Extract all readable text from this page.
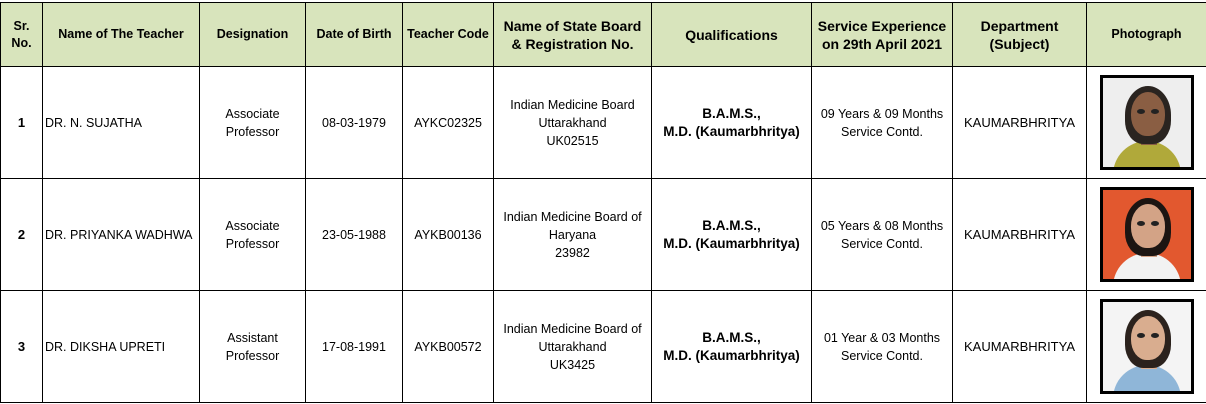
Sr. No.	Name of The Teacher	Designation	Date of Birth	Teacher Code	Name of State Board & Registration No.	Qualifications	Service Experience on 29th April 2021	Department (Subject)	Photograph
1	DR. N. SUJATHA	Associate Professor	08-03-1979	AYKC02325	Indian Medicine Board
Uttarakhand
UK02515	B.A.M.S.,
M.D. (Kaumarbhritya)	09 Years & 09 Months
Service Contd.	KAUMARBHRITYA	

2	DR. PRIYANKA WADHWA	Associate Professor	23-05-1988	AYKB00136	Indian Medicine Board of
Haryana
23982	B.A.M.S.,
M.D. (Kaumarbhritya)	05 Years & 08 Months
Service Contd.	KAUMARBHRITYA	

3	DR. DIKSHA UPRETI	Assistant Professor	17-08-1991	AYKB00572	Indian Medicine Board of
Uttarakhand
UK3425	B.A.M.S.,
M.D. (Kaumarbhritya)	01 Year & 03 Months
Service Contd.	KAUMARBHRITYA	
